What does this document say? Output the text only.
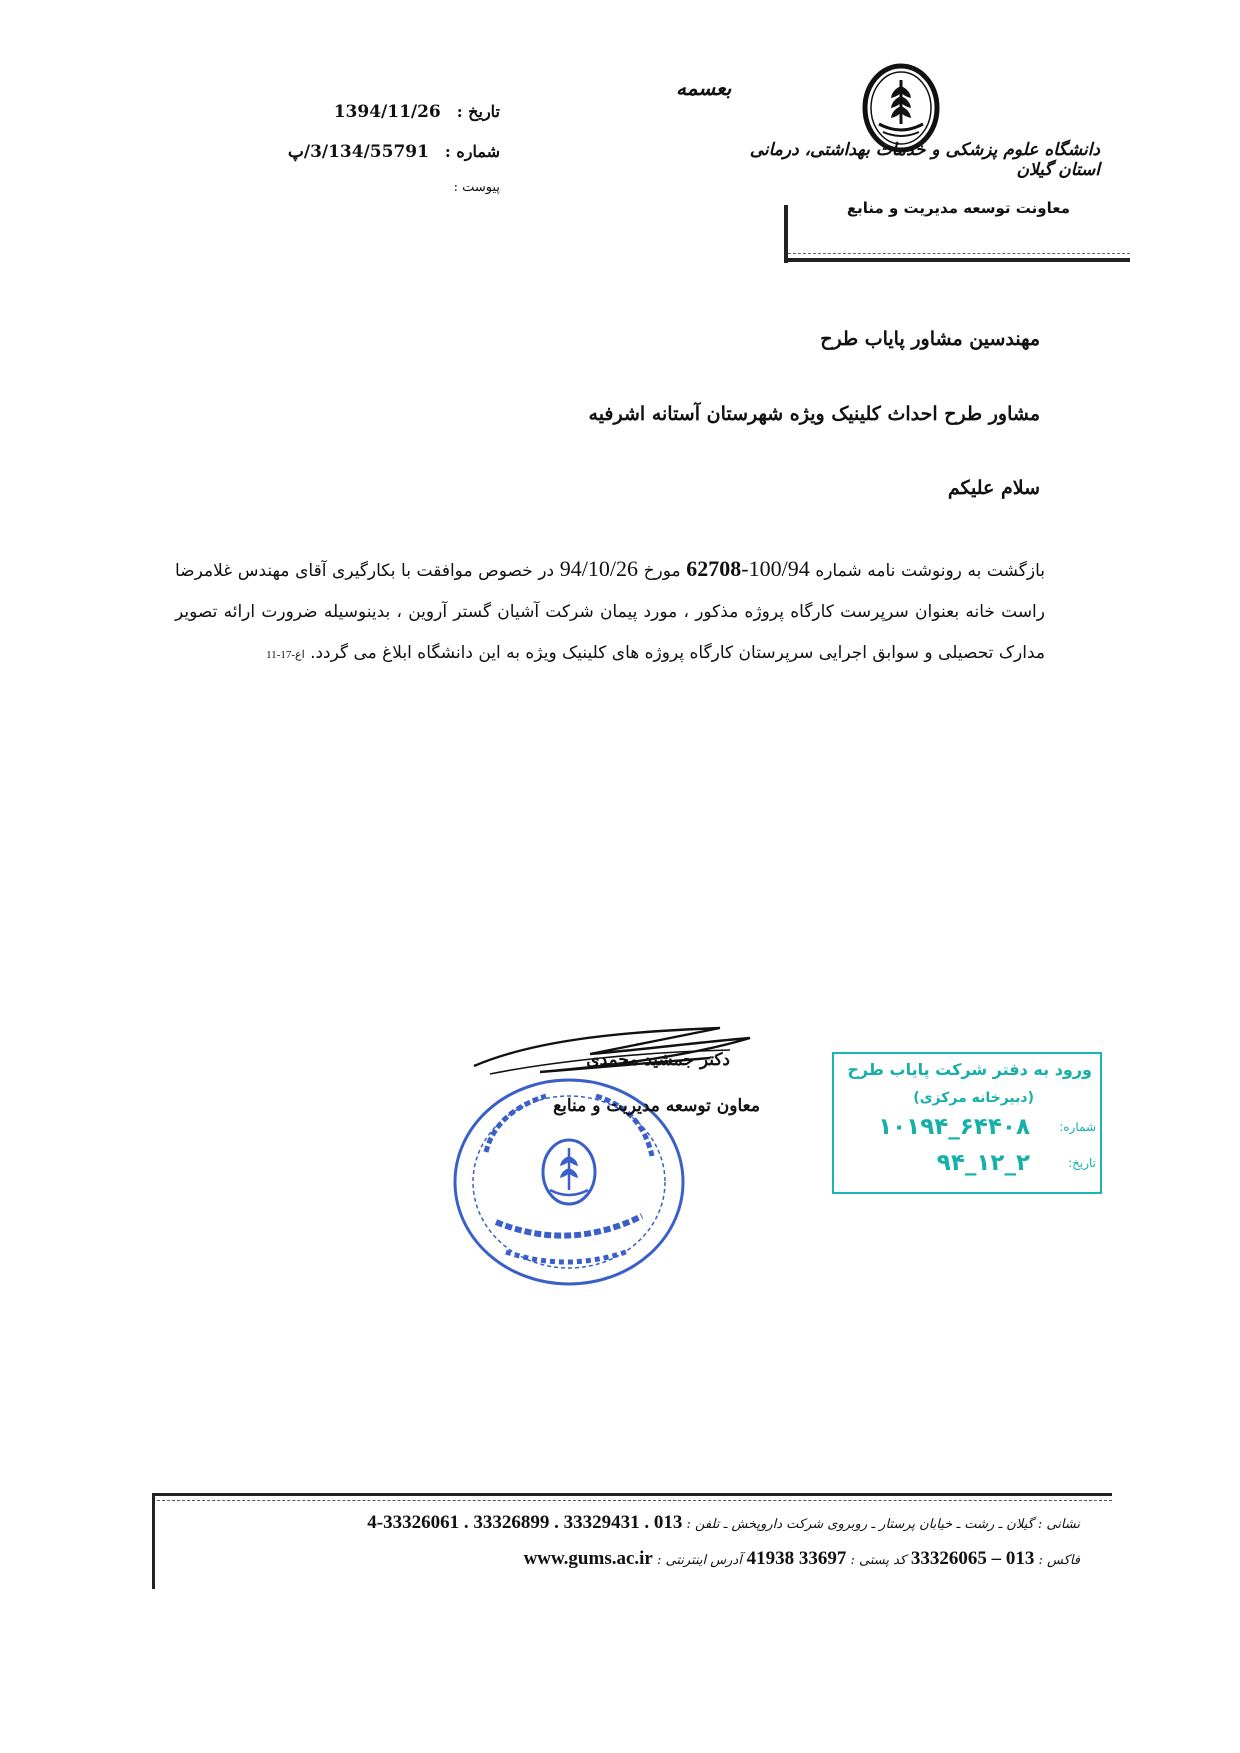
بعسمه
دانشگاه علوم پزشکی و خدمات بهداشتی، درمانی استان گیلان
معاونت توسعه مدیریت و منابع
تاریخ : 1394/11/26
شماره : 3/134/55791/پ
پیوست :
مهندسین مشاور پایاب طرح
مشاور طرح احداث کلینیک ویژه شهرستان آستانه اشرفیه
سلام علیکم
بازگشت به رونوشت نامه شماره 62708-100/94 مورخ 94/10/26 در خصوص موافقت با بکارگیری آقای مهندس غلامرضا راست خانه بعنوان سرپرست کارگاه پروژه مذکور ، مورد پیمان شرکت آشیان گستر آروین ، بدینوسیله ضرورت ارائه تصویر مدارک تحصیلی و سوابق اجرایی سرپرستان کارگاه پروژه های کلینیک ویژه به این دانشگاه ابلاغ می گردد. اع-17-11
دکتر جمشید محمدی
معاون توسعه مدیریت و منابع
ورود به دفتر شرکت پایاب طرح
(دبیرخانه مرکزی)
شماره:
۱۰۱۹۴_۶۴۴۰۸
تاریخ:
۹۴_۱۲_۲
نشانی : گیلان ـ رشت ـ خیابان پرستار ـ روبروی شرکت داروپخش ـ تلفن : 4-33326061 . 33326899 . 33329431 . 013
فاکس : 33326065 – 013 کد پستی : 41938 33697 آدرس اینترنتی : www.gums.ac.ir
